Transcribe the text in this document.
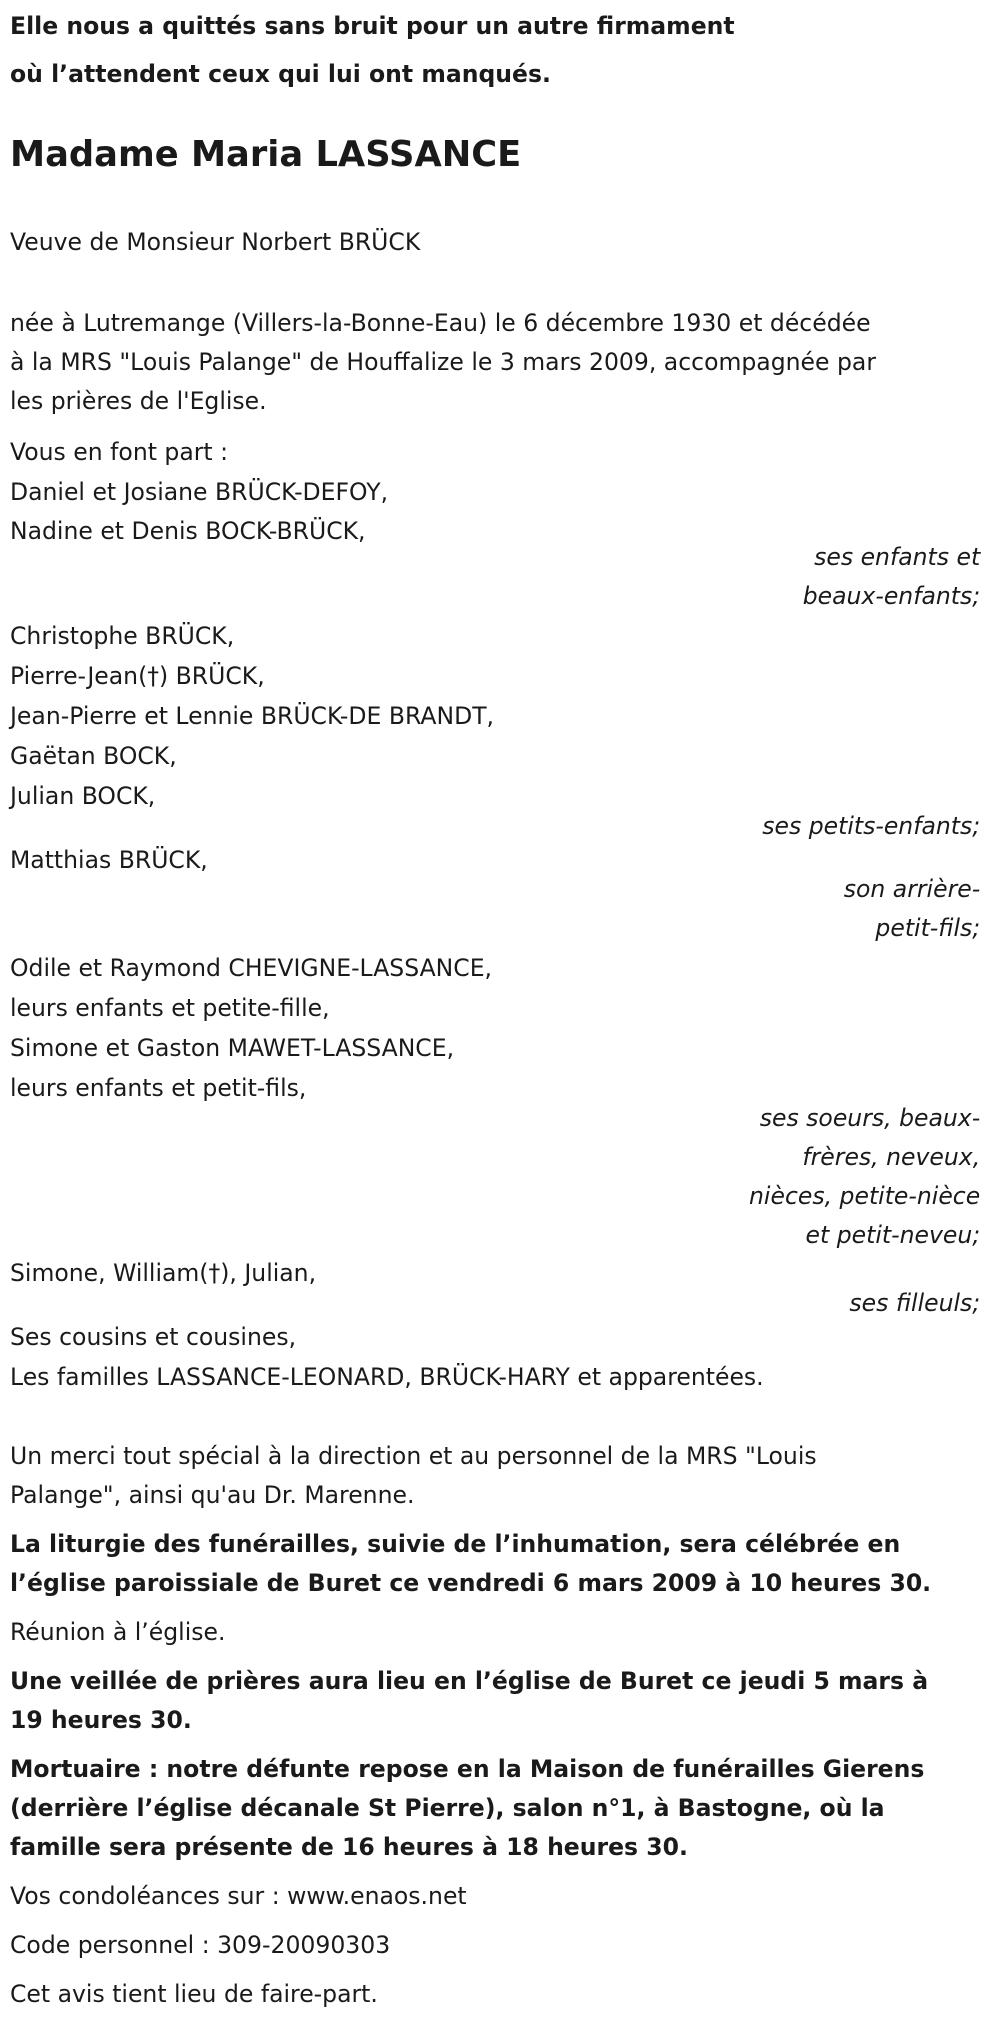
Elle nous a quittés sans bruit pour un autre firmament
où l’attendent ceux qui lui ont manqués.
Madame Maria LASSANCE
Veuve de Monsieur Norbert BRÜCK
née à Lutremange (Villers-la-Bonne-Eau) le 6 décembre 1930 et décédée
à la MRS "Louis Palange" de Houffalize le 3 mars 2009, accompagnée par
les prières de l'Eglise.
Vous en font part :
Daniel et Josiane BRÜCK-DEFOY,
Nadine et Denis BOCK-BRÜCK,
ses enfants et
beaux-enfants;
Christophe BRÜCK,
Pierre-Jean(†) BRÜCK,
Jean-Pierre et Lennie BRÜCK-DE BRANDT,
Gaëtan BOCK,
Julian BOCK,
ses petits-enfants;
Matthias BRÜCK,
son arrière-
petit-fils;
Odile et Raymond CHEVIGNE-LASSANCE,
leurs enfants et petite-fille,
Simone et Gaston MAWET-LASSANCE,
leurs enfants et petit-fils,
ses soeurs, beaux-
frères, neveux,
nièces, petite-nièce
et petit-neveu;
Simone, William(†), Julian,
ses filleuls;
Ses cousins et cousines,
Les familles LASSANCE-LEONARD, BRÜCK-HARY et apparentées.
Un merci tout spécial à la direction et au personnel de la MRS "Louis
Palange", ainsi qu'au Dr. Marenne.
La liturgie des funérailles, suivie de l’inhumation, sera célébrée en
l’église paroissiale de Buret ce vendredi 6 mars 2009 à 10 heures 30.
Réunion à l’église.
Une veillée de prières aura lieu en l’église de Buret ce jeudi 5 mars à
19 heures 30.
Mortuaire : notre défunte repose en la Maison de funérailles Gierens
(derrière l’église décanale St Pierre), salon n°1, à Bastogne, où la
famille sera présente de 16 heures à 18 heures 30.
Vos condoléances sur : www.enaos.net
Code personnel : 309-20090303
Cet avis tient lieu de faire-part.
